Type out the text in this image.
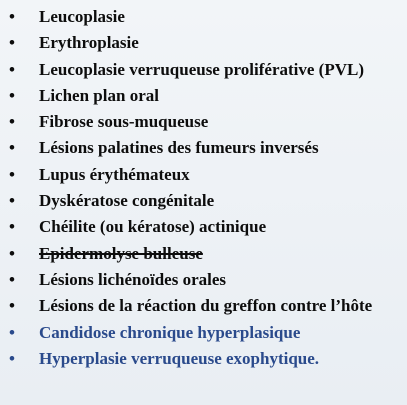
•	Leucoplasie
•	Erythroplasie
•	Leucoplasie verruqueuse proliférative (PVL)
•	Lichen plan oral
•	Fibrose sous-muqueuse
•	Lésions palatines des fumeurs inversés
•	Lupus érythémateux
•	Dyskératose congénitale
•	Chéilite (ou kératose) actinique
•	Epidermolyse bulleuse
•	Lésions lichénoïdes orales
•	Lésions de la réaction du greffon contre l’hôte
•	Candidose chronique hyperplasique
•	Hyperplasie verruqueuse exophytique.
